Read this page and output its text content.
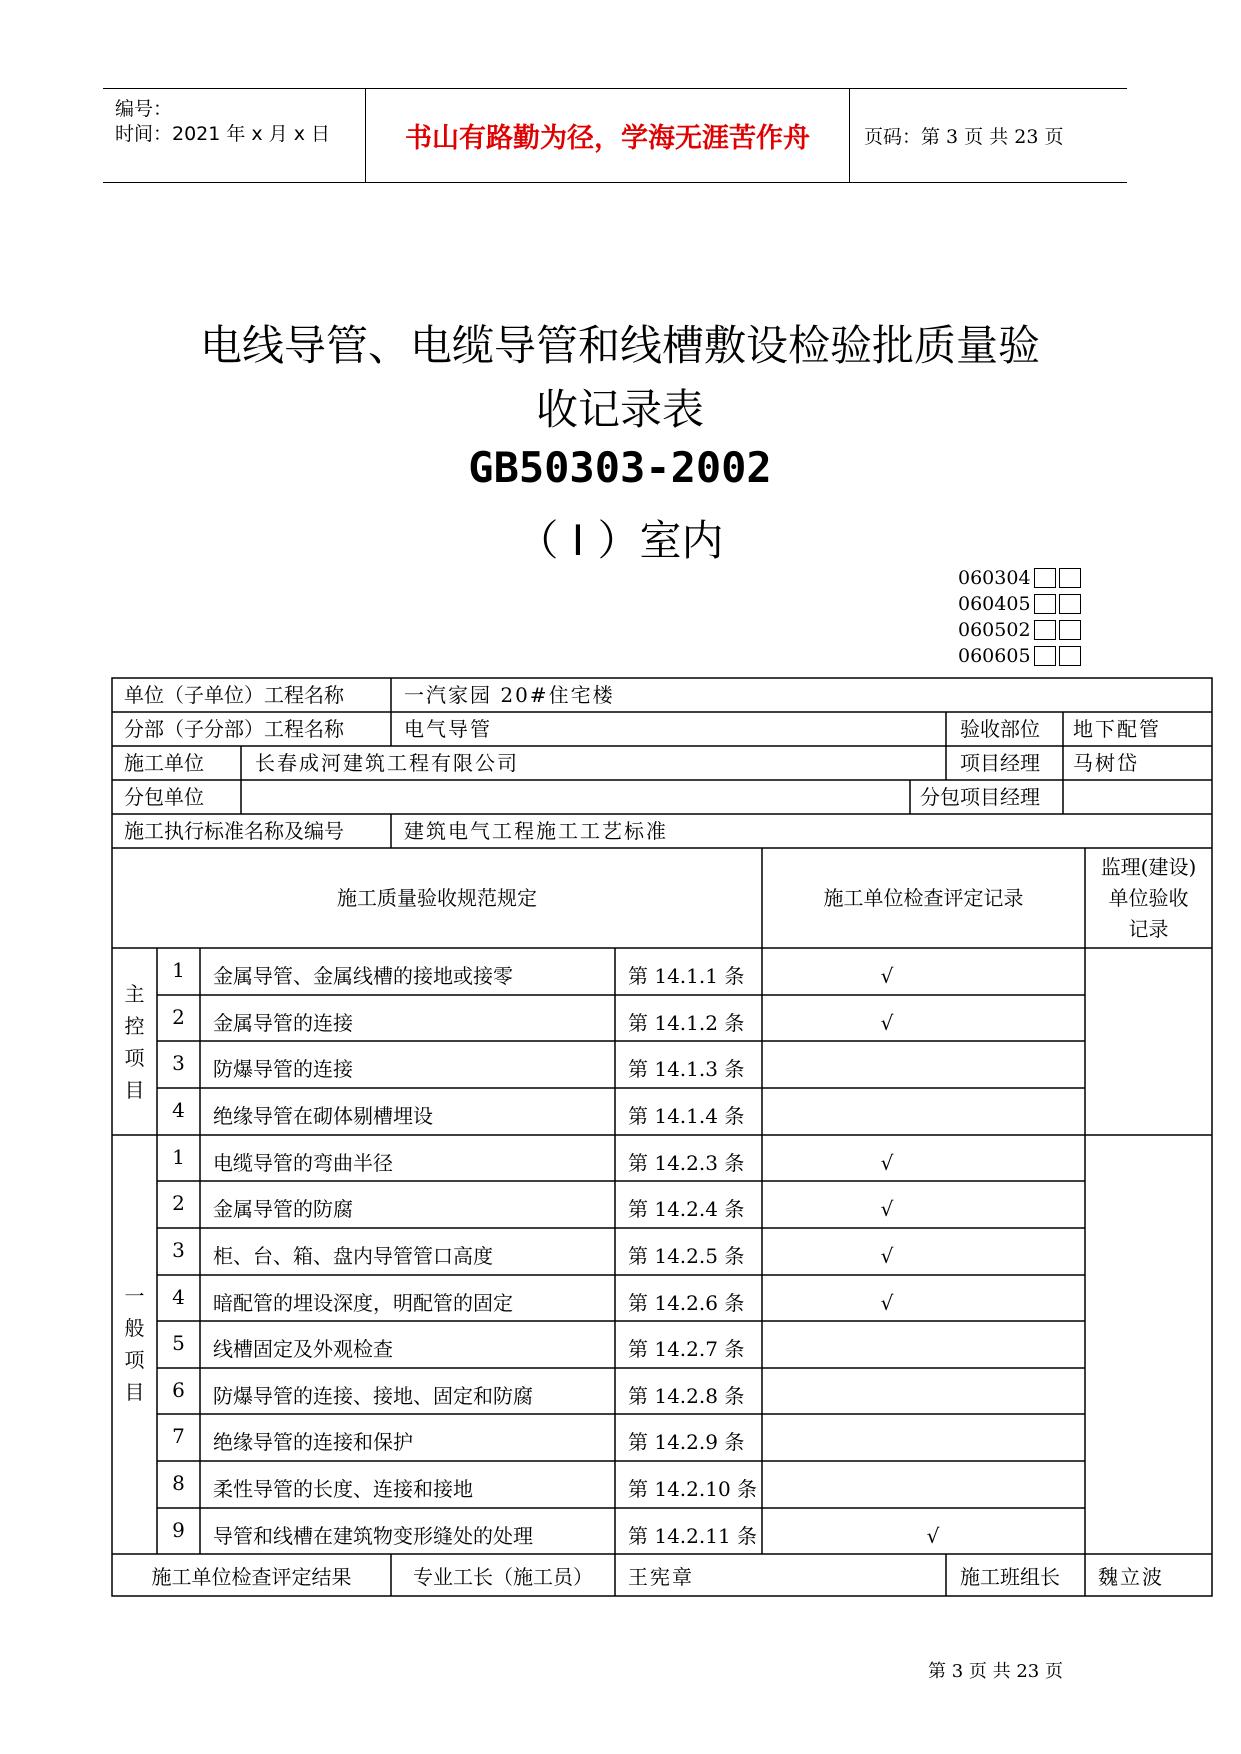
编号：
时间：2021 年 x 月 x 日	书山有路勤为径，学海无涯苦作舟	页码：第 3 页 共 23 页
电线导管、电缆导管和线槽敷设检验批质量验
收记录表
GB50303-2002
（ I ）室内
060304
060405
060502
060605
单位（子单位）工程名称	一汽家园 20#住宅楼
分部（子分部）工程名称	电气导管	验收部位 地下配管
施工单位	长春成河建筑工程有限公司	项目经理 马树岱
分包单位	分包项目经理
施工执行标准名称及编号	建筑电气工程施工工艺标准
施工质量验收规范规定	施工单位检查评定记录
监理(建设)
单位验收
记录
主
控
项
目
一
般
项
目
1	金属导管、金属线槽的接地或接零	第 14.1.1 条	√
2	金属导管的连接	第 14.1.2 条	√
3	防爆导管的连接	第 14.1.3 条
4	绝缘导管在砌体剔槽埋设	第 14.1.4 条
1	电缆导管的弯曲半径	第 14.2.3 条	√
2	金属导管的防腐	第 14.2.4 条	√
3	柜、台、箱、盘内导管管口高度	第 14.2.5 条	√
4	暗配管的埋设深度，明配管的固定	第 14.2.6 条	√
5	线槽固定及外观检查	第 14.2.7 条
6	防爆导管的连接、接地、固定和防腐	第 14.2.8 条
7	绝缘导管的连接和保护	第 14.2.9 条
8	柔性导管的长度、连接和接地	第 14.2.10 条
9	导管和线槽在建筑物变形缝处的处理	第 14.2.11 条	√
施工单位检查评定结果	专业工长（施工员）	王宪章	施工班组长 魏立波
第 3 页 共 23 页
